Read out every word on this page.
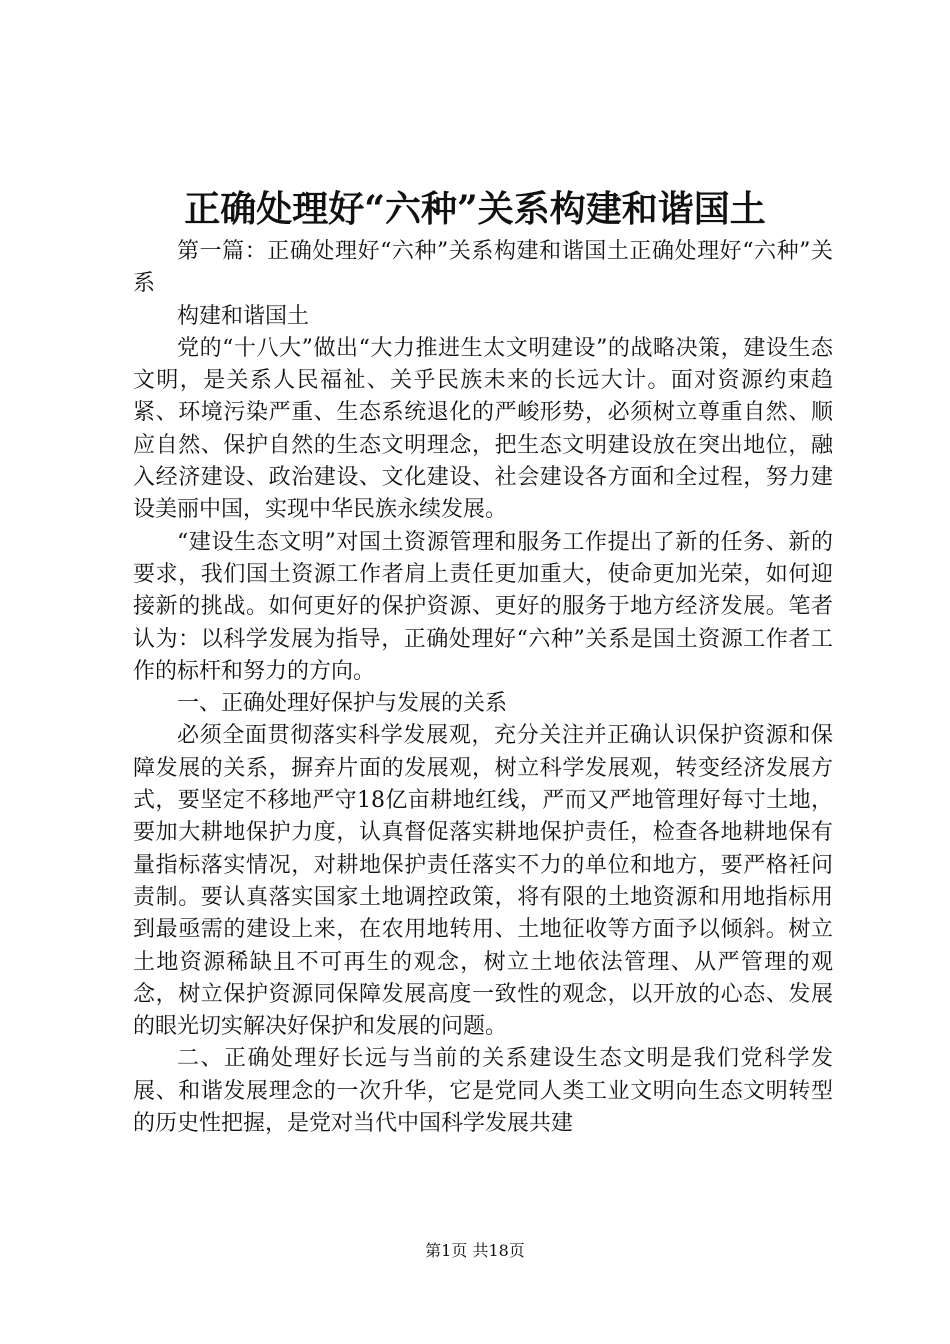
正确处理好“六种”关系构建和谐国土

第一篇：正确处理好“六种”关系构建和谐国土正确处理好“六种”关系

构建和谐国土

党的“十八大”做出“大力推进生太文明建设”的战略决策，建设生态文明，是关系人民福祉、关乎民族未来的长远大计。面对资源约束趋紧、环境污染严重、生态系统退化的严峻形势，必须树立尊重自然、顺应自然、保护自然的生态文明理念，把生态文明建设放在突出地位，融入经济建设、政治建设、文化建设、社会建设各方面和全过程，努力建设美丽中国，实现中华民族永续发展。

“建设生态文明”对国土资源管理和服务工作提出了新的任务、新的要求，我们国土资源工作者肩上责任更加重大，使命更加光荣，如何迎接新的挑战。如何更好的保护资源、更好的服务于地方经济发展。笔者认为：以科学发展为指导，正确处理好“六种”关系是国土资源工作者工作的标杆和努力的方向。

一、正确处理好保护与发展的关系

必须全面贯彻落实科学发展观，充分关注并正确认识保护资源和保障发展的关系，摒弃片面的发展观，树立科学发展观，转变经济发展方式，要坚定不移地严守18亿亩耕地红线，严而又严地管理好每寸土地，要加大耕地保护力度，认真督促落实耕地保护责任，检查各地耕地保有量指标落实情况，对耕地保护责任落实不力的单位和地方，要严格衽问责制。要认真落实国家土地调控政策，将有限的土地资源和用地指标用到最亟需的建设上来，在农用地转用、土地征收等方面予以倾斜。树立土地资源稀缺且不可再生的观念，树立土地依法管理、从严管理的观念，树立保护资源同保障发展高度一致性的观念，以开放的心态、发展的眼光切实解决好保护和发展的问题。

二、正确处理好长远与当前的关系建设生态文明是我们党科学发展、和谐发展理念的一次升华，它是党同人类工业文明向生态文明转型的历史性把握，是党对当代中国科学发展共建

第1页 共18页
